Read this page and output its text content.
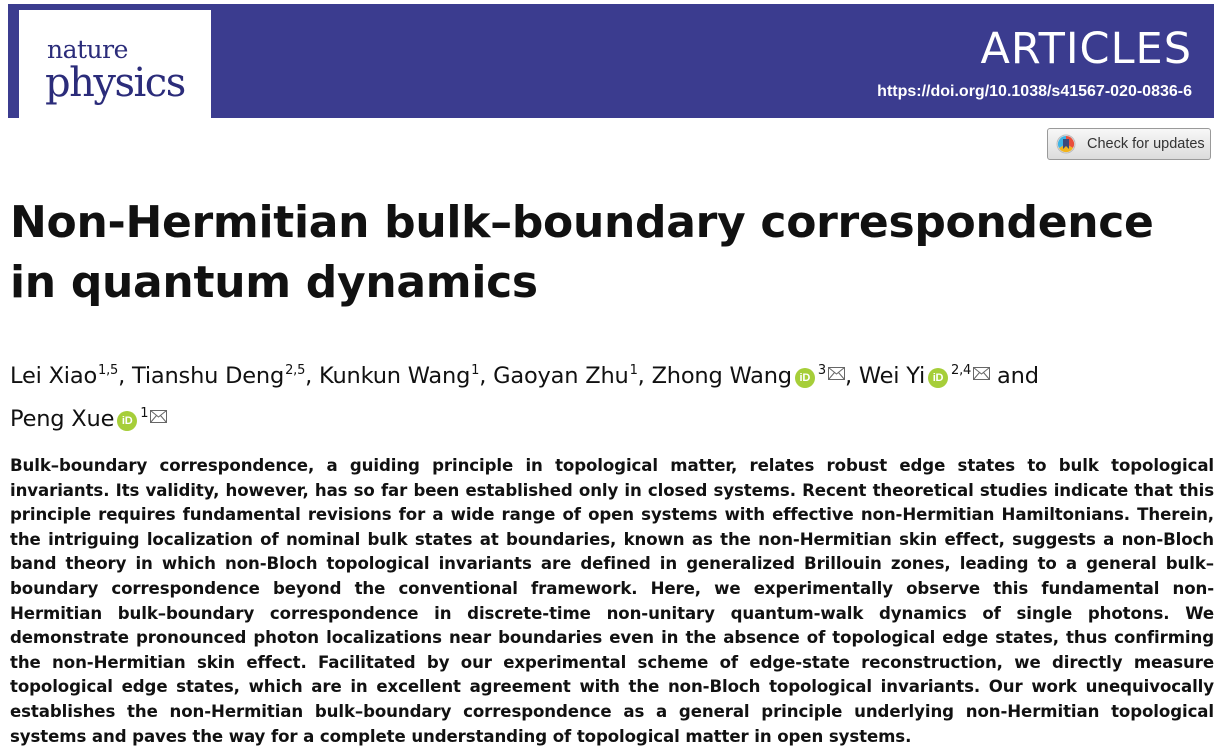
nature
physics
ARTICLES
https://doi.org/10.1038/s41567-020-0836-6
Check for updates
Non-Hermitian bulk–boundary correspondence
in quantum dynamics
Lei Xiao$^{1,5}$, Tianshu Deng$^{2,5}$, Kunkun Wang$^1$, Gaoyan Zhu$^1$, Zhong Wang iD $^3$ , Wei Yi iD $^{2,4}$ and
Peng Xue iD $^1$

Bulk–boundary correspondence, a guiding principle in topological matter, relates robust edge states to bulk topological invariants. Its validity, however, has so far been established only in closed systems. Recent theoretical studies indicate that this principle requires fundamental revisions for a wide range of open systems with effective non-Hermitian Hamiltonians. Therein, the intriguing localization of nominal bulk states at boundaries, known as the non-Hermitian skin effect, suggests a non-Bloch band theory in which non-Bloch topological invariants are defined in generalized Brillouin zones, leading to a general bulk–boundary correspondence beyond the conventional framework. Here, we experimentally observe this fundamental non-Hermitian bulk–boundary correspondence in discrete-time non-unitary quantum-walk dynamics of single photons. We demonstrate pronounced photon localizations near boundaries even in the absence of topological edge states, thus confirming the non-Hermitian skin effect. Facilitated by our experimental scheme of edge-state reconstruction, we directly measure topological edge states, which are in excellent agreement with the non-Bloch topological invariants. Our work unequivocally establishes the non-Hermitian bulk–boundary correspondence as a general principle underlying non-Hermitian topological systems and paves the way for a complete understanding of topological matter in open systems.
